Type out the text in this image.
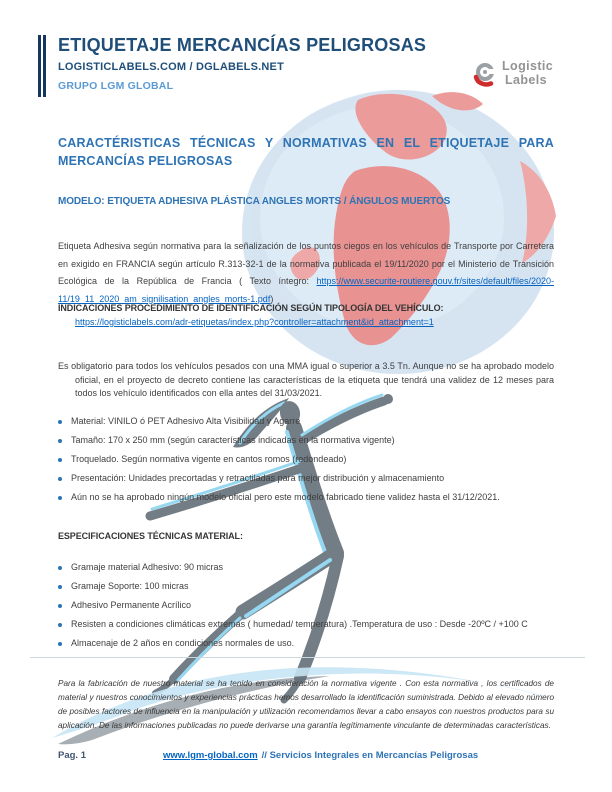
ETIQUETAJE MERCANCÍAS PELIGROSAS
LOGISTICLABELS.COM / DGLABELS.NET
GRUPO LGM GLOBAL
Logistic
Labels
CARACTÉRISTICAS TÉCNICAS Y NORMATIVAS EN EL ETIQUETAJE PARA MERCANCÍAS PELIGROSAS
MODELO: ETIQUETA ADHESIVA PLÁSTICA ANGLES MORTS / ÁNGULOS MUERTOS

Etiqueta Adhesiva según normativa para la señalización de los puntos ciegos en los vehículos de Transporte por Carretera en exigido en FRANCIA según artículo R.313-32-1 de la normativa publicada el 19/11/2020 por el Ministerio de Transición Ecológica de la República de Francia ( Texto íntegro: https://www.securite-routiere.gouv.fr/sites/default/files/2020-11/19_11_2020_am_signilisation_angles_morts-1.pdf)

INDICACIONES PROCEDIMIENTO DE IDENTIFICACIÓN SEGÚN TIPOLOGÍA DEL VEHÍCULO:
https://logisticlabels.com/adr-etiquetas/index.php?controller=attachment&id_attachment=1

Es obligatorio para todos los vehículos pesados con una MMA igual o superior a 3.5 Tn. Aunque no se ha aprobado modelo oficial, en el proyecto de decreto contiene las características de la etiqueta que tendrá una validez de 12 meses para todos los vehículo identificados con ella antes del 31/03/2021.

Material: VINILO ó PET Adhesivo Alta Visibilidad y Agarre
Tamaño: 170 x 250 mm (según características indicadas en la normativa vigente)
Troquelado. Según normativa vigente en cantos romos (redondeado)
Presentación: Unidades precortadas y retractiladas para mejor distribución y almacenamiento
Aún no se ha aprobado ningún modelo oficial pero este modelo fabricado tiene validez hasta el 31/12/2021.
ESPECIFICACIONES TÉCNICAS MATERIAL:
Gramaje material Adhesivo: 90 micras
Gramaje Soporte: 100 micras
Adhesivo Permanente Acrílico
Resisten a condiciones climáticas extremas ( humedad/ temperatura) .Temperatura de uso : Desde -20ºC / +100 C
Almacenaje de 2 años en condiciones normales de uso.

Para la fabricación de nuestro material se ha tenido en consideración la normativa vigente . Con esta normativa , los certificados de material y nuestros conocimientos y experiencias prácticas hemos desarrollado la identificación suministrada. Debido al elevado número de posibles factores de influencia en la manipulación y utilización recomendamos llevar a cabo ensayos con nuestros productos para su aplicación. De las informaciones publicadas no puede derivarse una garantía legítimamente vinculante de determinadas características.

Pag. 1	www.lgm-global.com // Servicios Integrales en Mercancías Peligrosas
